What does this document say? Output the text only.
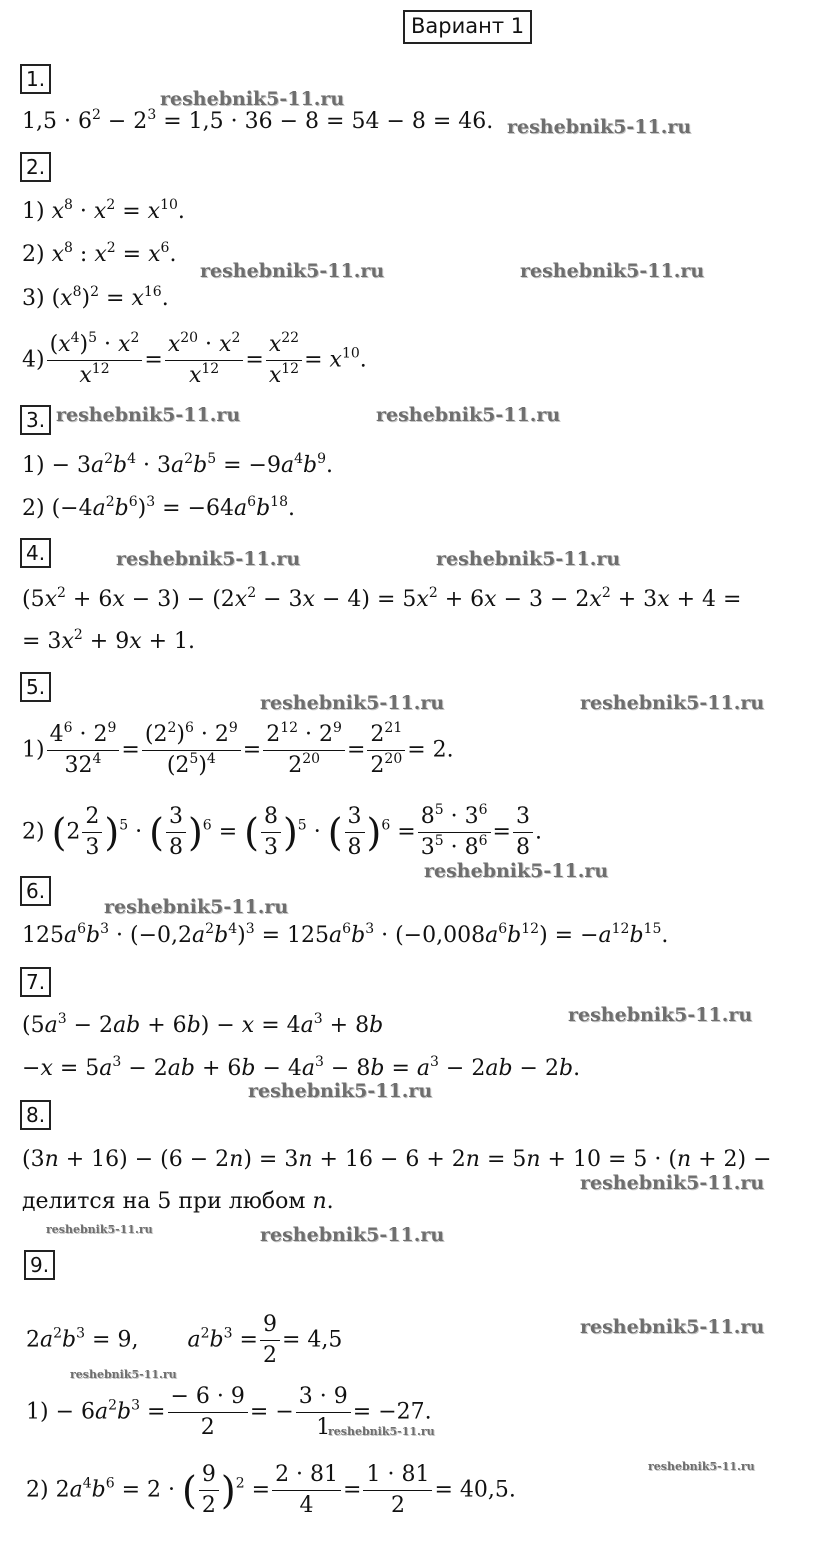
Вариант 1
1.
2.
3.
4.
5.
6.
7.
8.
9.
$1,5 \cdot 6^2 - 2^3 = 1,5 \cdot 36 - 8 = 54 - 8 = 46$.
1) $x^8 \cdot x^2 = x^{10}$.
2) $x^8$ : $x^2 = x^6$.
3) $(x^8)^2 = x^{16}$.
$4) \frac{(x^4)^5 \cdot x^2}{x^{12}} = \frac{x^{20} \cdot x^2}{x^{12}} = \frac{x^{22}}{x^{12}} = x^{10}$.
$1) - 3a^2b^4 \cdot 3a^2b^5 = -9a^4b^9$.
2) $(-4a^2b^6)^3 = -64a^6b^{18}$.
$(5x^2 + 6x - 3) - (2x^2 - 3x - 4) = 5x^2 + 6x - 3 - 2x^2 + 3x + 4$ =
= $3x^2 + 9x + 1$.
$1) \frac{4^6 \cdot 2^9}{32^4} = \frac{(2^2)^6 \cdot 2^9}{(2^5)^4} = \frac{2^{12} \cdot 2^9}{2^{20}} = \frac{2^{21}}{2^{20}} = 2$.
2) $(2 \frac{2}{3} )^5$ · ( $\frac{3}{8} )^6$ = ( $\frac{8}{3} )^5$ · ( $\frac{3}{8} )^6 = \frac{8^5 \cdot 3^6}{3^5 \cdot 8^6} = \frac{3}{8}$ .
$125a^6b^3 \cdot (-0,2a^2b^4)^3 = 125a^6b^3 \cdot (-0,008a^6b^{12}) = -a^{12}b^{15}$.
$(5a^3 - 2ab + 6b) - x = 4a^3 + 8b$
$-x = 5a^3 - 2ab + 6b - 4a^3 - 8b = a^3 - 2ab - 2b$.
(3n + 16) − (6 − 2n) = 3n + 16 − 6 + 2n = 5n + 10 = 5 · (n + 2) −
делится на 5 при любом n.
$2a^2b^3 = 9$,       $a^2b^3 = \frac{9}{2} = 4,5$
$1) - 6a^2b^3 = \frac{- 6 \cdot 9}{2}$ = − $\frac{3 \cdot 9}{1} = -27$.
2) $2a^4b^6 = 2$ · ( $\frac{9}{2} )^2 = \frac{2 \cdot 81}{4} = \frac{1 \cdot 81}{2} = 40,5$.
reshebnik5-11.ru
reshebnik5-11.ru
reshebnik5-11.ru	reshebnik5-11.ru
reshebnik5-11.ru	reshebnik5-11.ru
reshebnik5-11.ru	reshebnik5-11.ru
reshebnik5-11.ru	reshebnik5-11.ru
reshebnik5-11.ru
reshebnik5-11.ru
reshebnik5-11.ru
reshebnik5-11.ru
reshebnik5-11.ru
reshebnik5-11.ru	reshebnik5-11.ru
reshebnik5-11.ru
reshebnik5-11.ru
reshebnik5-11.ru
reshebnik5-11.ru
